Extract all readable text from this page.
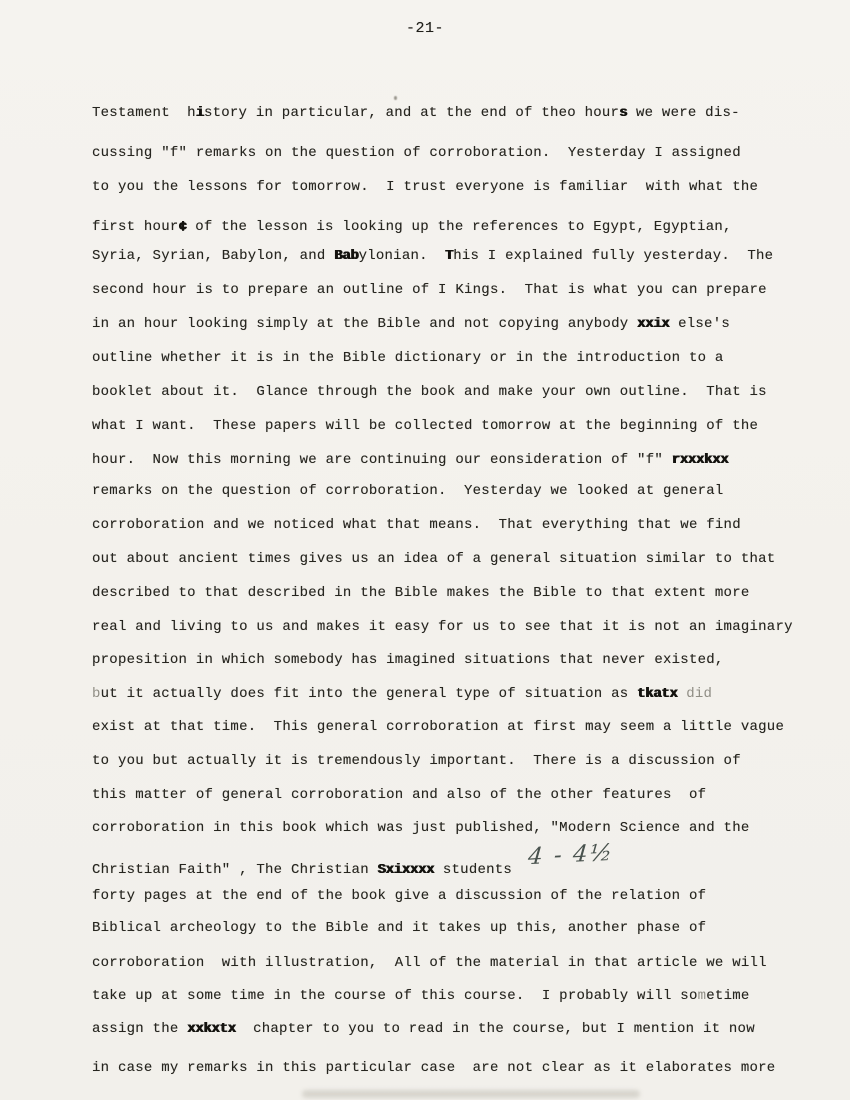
-21-
Testament  history in particular, and at the end of theo hours we were dis-
cussing "f" remarks on the question of corroboration.  Yesterday I assigned
to you the lessons for tomorrow.  I trust everyone is familiar  with what the
first hour¢ of the lesson is looking up the references to Egypt, Egyptian,
Syria, Syrian, Babylon, and Babylonian.  This I explained fully yesterday.  The
second hour is to prepare an outline of I Kings.  That is what you can prepare
in an hour looking simply at the Bible and not copying anybody xxix else's
outline whether it is in the Bible dictionary or in the introduction to a
booklet about it.  Glance through the book and make your own outline.  That is
what I want.  These papers will be collected tomorrow at the beginning of the
hour.  Now this morning we are continuing our eonsideration of "f" rxxxkxx
remarks on the question of corroboration.  Yesterday we looked at general
corroboration and we noticed what that means.  That everything that we find
out about ancient times gives us an idea of a general situation similar to that
described to that described in the Bible makes the Bible to that extent more
real and living to us and makes it easy for us to see that it is not an imaginary
propesition in which somebody has imagined situations that never existed,
but it actually does fit into the general type of situation as tkatx did
exist at that time.  This general corroboration at first may seem a little vague
to you but actually it is tremendously important.  There is a discussion of
this matter of general corroboration and also of the other features  of
corroboration in this book which was just published, "Modern Science and the
Christian Faith" , The Christian Sxixxxx students 4 - 4½
forty pages at the end of the book give a discussion of the relation of
Biblical archeology to the Bible and it takes up this, another phase of
corroboration  with illustration,  All of the material in that article we will
take up at some time in the course of this course.  I probably will sometime
assign the xxkxtx  chapter to you to read in the course, but I mention it now
in case my remarks in this particular case  are not clear as it elaborates more
